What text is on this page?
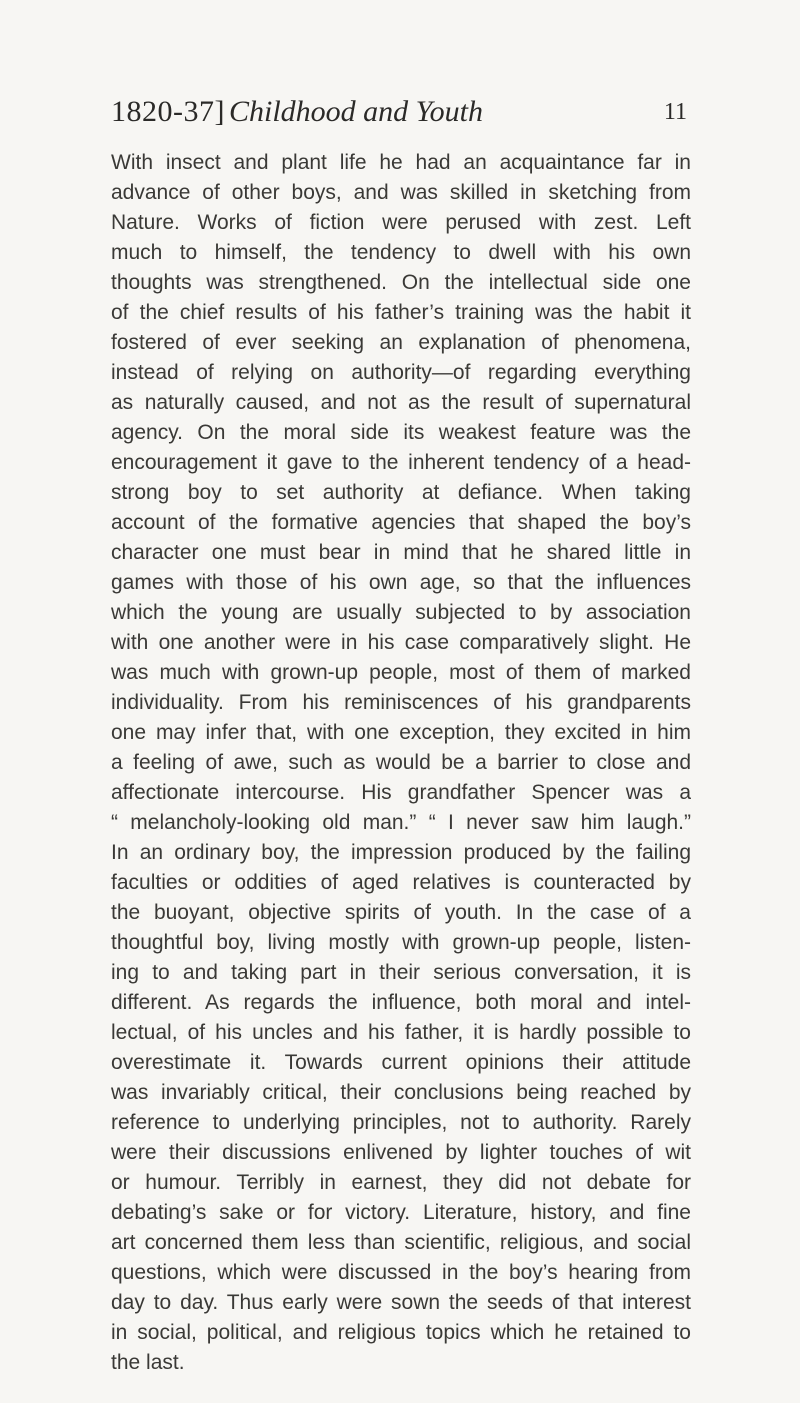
1820-37] Childhood and Youth	11
With insect and plant life he had an acquaintance far in
advance of other boys, and was skilled in sketching from
Nature. Works of fiction were perused with zest. Left
much to himself, the tendency to dwell with his own
thoughts was strengthened. On the intellectual side one
of the chief results of his father’s training was the habit it
fostered of ever seeking an explanation of phenomena,
instead of relying on authority—of regarding everything
as naturally caused, and not as the result of supernatural
agency. On the moral side its weakest feature was the
encouragement it gave to the inherent tendency of a head-
strong boy to set authority at defiance. When taking
account of the formative agencies that shaped the boy’s
character one must bear in mind that he shared little in
games with those of his own age, so that the influences
which the young are usually subjected to by association
with one another were in his case comparatively slight. He
was much with grown-up people, most of them of marked
individuality. From his reminiscences of his grandparents
one may infer that, with one exception, they excited in him
a feeling of awe, such as would be a barrier to close and
affectionate intercourse. His grandfather Spencer was a
“ melancholy-looking old man.” “ I never saw him laugh.”
In an ordinary boy, the impression produced by the failing
faculties or oddities of aged relatives is counteracted by
the buoyant, objective spirits of youth. In the case of a
thoughtful boy, living mostly with grown-up people, listen-
ing to and taking part in their serious conversation, it is
different. As regards the influence, both moral and intel-
lectual, of his uncles and his father, it is hardly possible to
overestimate it. Towards current opinions their attitude
was invariably critical, their conclusions being reached by
reference to underlying principles, not to authority. Rarely
were their discussions enlivened by lighter touches of wit
or humour. Terribly in earnest, they did not debate for
debating’s sake or for victory. Literature, history, and fine
art concerned them less than scientific, religious, and social
questions, which were discussed in the boy’s hearing from
day to day. Thus early were sown the seeds of that interest
in social, political, and religious topics which he retained to
the last.
